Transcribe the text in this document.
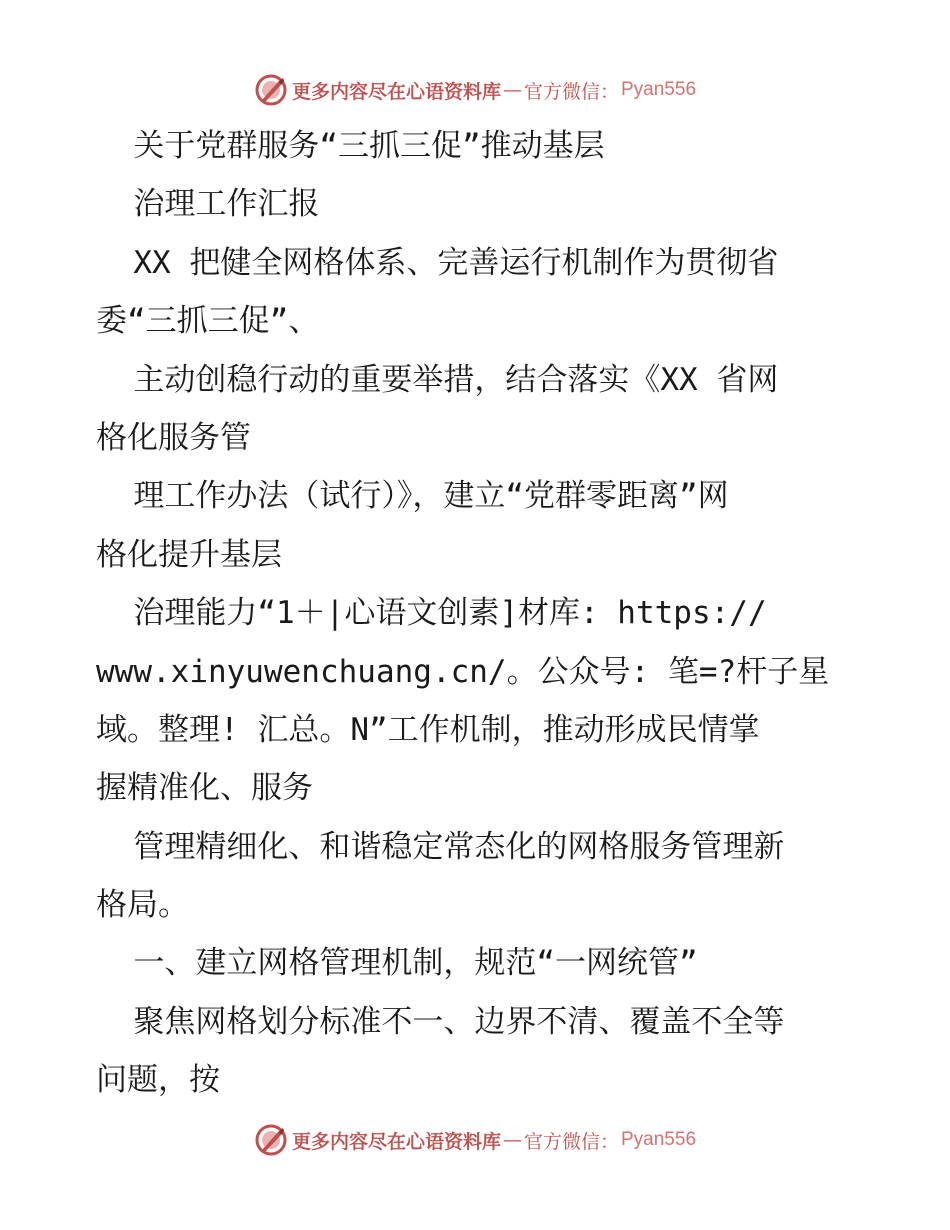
更多内容尽在心语资料库 — 官方微信： Pyan556
关于党群服务“三抓三促”推动基层
治理工作汇报
XX 把健全网格体系、完善运行机制作为贯彻省
委“三抓三促”、
主动创稳行动的重要举措，结合落实《XX 省网
格化服务管
理工作办法（试行）》，建立“党群零距离”网
格化提升基层
治理能力“1＋|心语文创素]材库: https://
www.xinyuwenchuang.cn/。公众号: 笔=?杆子星
域。整理! 汇总。N”工作机制，推动形成民情掌
握精准化、服务
管理精细化、和谐稳定常态化的网格服务管理新
格局。
一、建立网格管理机制，规范“一网统管”
聚焦网格划分标准不一、边界不清、覆盖不全等
问题，按
更多内容尽在心语资料库 — 官方微信： Pyan556
